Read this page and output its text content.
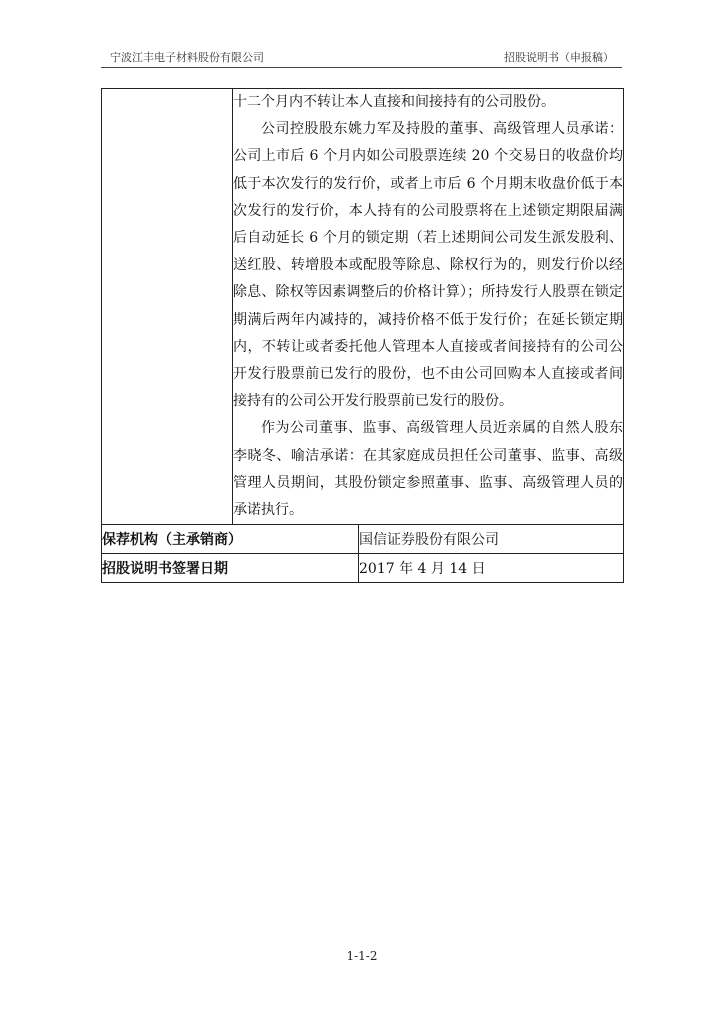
宁波江丰电子材料股份有限公司	招股说明书（申报稿）

	十二个月内不转让本人直接和间接持有的公司股份。

公司控股股东姚力军及持股的董事、高级管理人员承诺：公司上市后 6 个月内如公司股票连续 20 个交易日的收盘价均低于本次发行的发行价，或者上市后 6 个月期末收盘价低于本次发行的发行价，本人持有的公司股票将在上述锁定期限届满后自动延长 6 个月的锁定期（若上述期间公司发生派发股利、送红股、转增股本或配股等除息、除权行为的，则发行价以经除息、除权等因素调整后的价格计算）；所持发行人股票在锁定期满后两年内减持的，减持价格不低于发行价；在延长锁定期内，不转让或者委托他人管理本人直接或者间接持有的公司公开发行股票前已发行的股份，也不由公司回购本人直接或者间接持有的公司公开发行股票前已发行的股份。

作为公司董事、监事、高级管理人员近亲属的自然人股东李晓冬、喻洁承诺：在其家庭成员担任公司董事、监事、高级管理人员期间，其股份锁定参照董事、监事、高级管理人员的承诺执行。	

保荐机构（主承销商）		国信证券股份有限公司
招股说明书签署日期		2017 年 4 月 14 日
1-1-2
